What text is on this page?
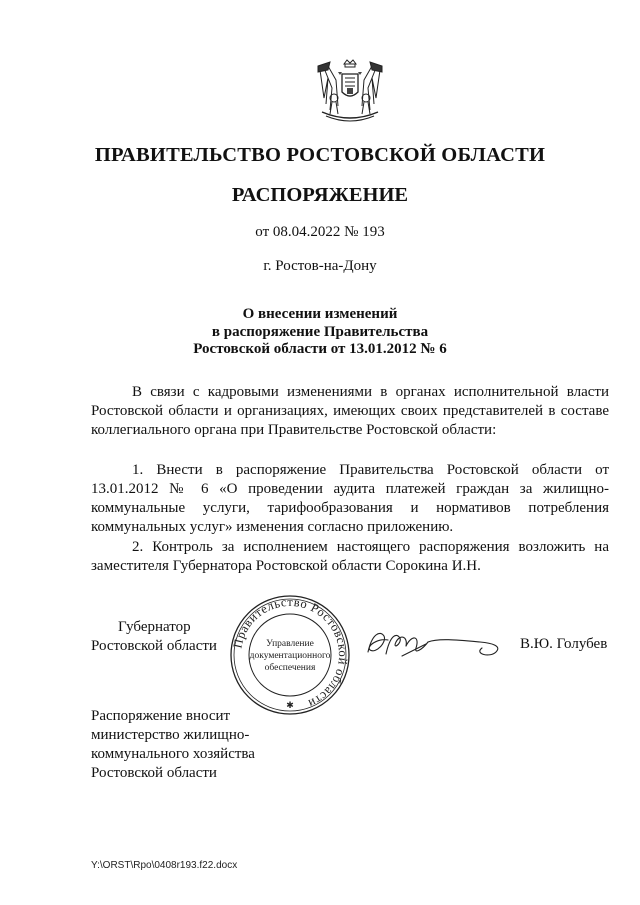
ПРАВИТЕЛЬСТВО РОСТОВСКОЙ ОБЛАСТИ
РАСПОРЯЖЕНИЕ
от 08.04.2022 № 193
г. Ростов-на-Дону
О внесении изменений
в распоряжение Правительства
Ростовской области от 13.01.2012 № 6
В связи с кадровыми изменениями в органах исполнительной власти Ростовской области и организациях, имеющих своих представителей в составе коллегиального органа при Правительстве Ростовской области:
1. Внести в распоряжение Правительства Ростовской области от 13.01.2012 № 6 «О проведении аудита платежей граждан за жилищно-коммунальные услуги, тарифообразования и нормативов потребления коммунальных услуг» изменения согласно приложению.
2. Контроль за исполнением настоящего распоряжения возложить на заместителя Губернатора Ростовской области Сорокина И.Н.
Губернатор
Ростовской области Правительство Ростовской области
Управление
документационного
обеспечения
✱
В.Ю. Голубев
Распоряжение вносит
министерство жилищно-
коммунального хозяйства
Ростовской области
Y:\ORST\Rpo\0408r193.f22.docx
